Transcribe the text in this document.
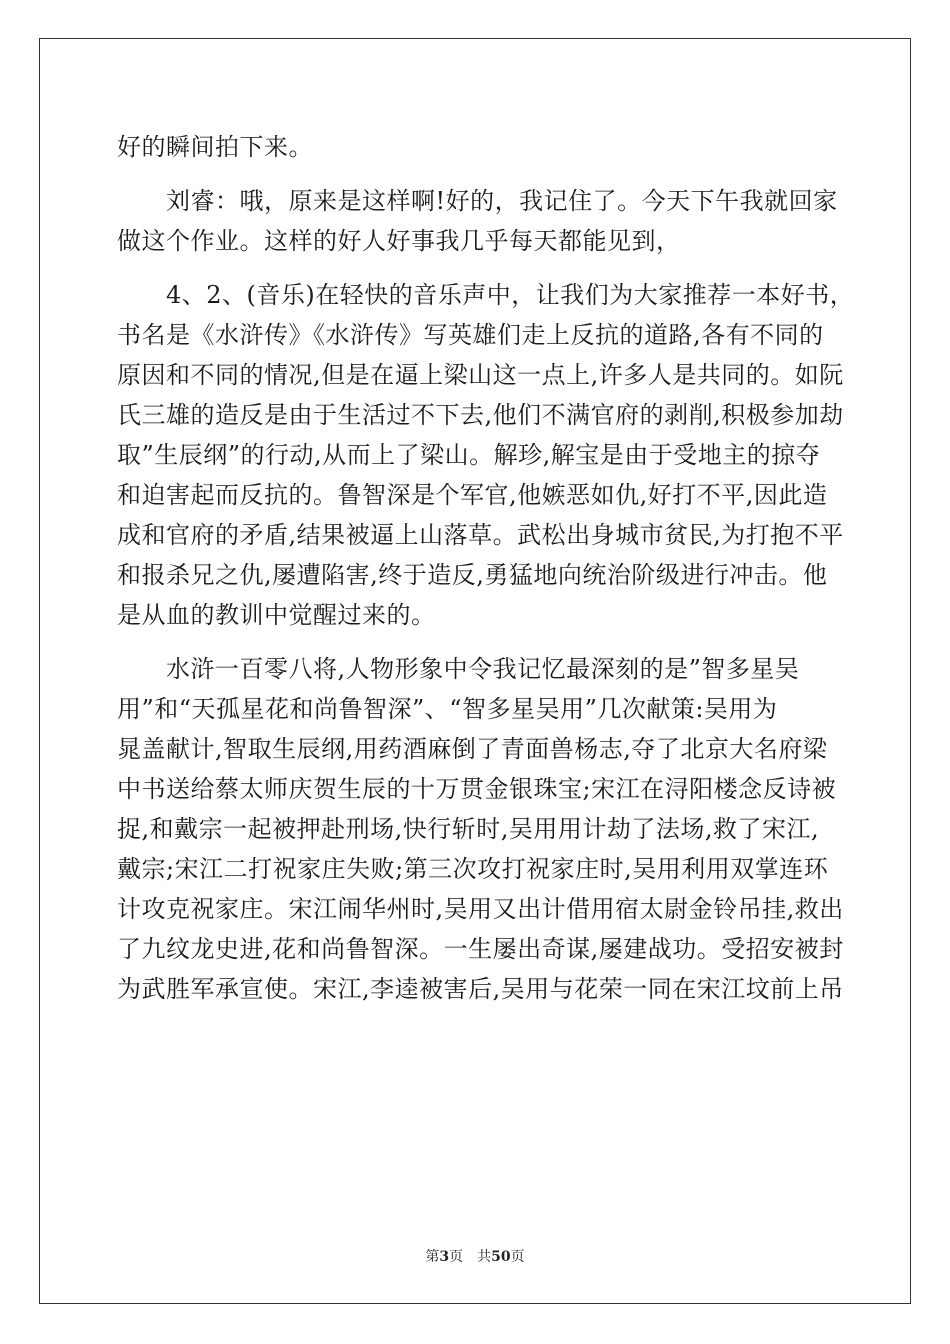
好的瞬间拍下来。
　　刘睿：哦，原来是这样啊!好的，我记住了。今天下午我就回家
做这个作业。这样的好人好事我几乎每天都能见到，
　　4、2、(音乐)在轻快的音乐声中，让我们为大家推荐一本好书，
书名是《水浒传》《水浒传》写英雄们走上反抗的道路,各有不同的
原因和不同的情况,但是在逼上梁山这一点上,许多人是共同的。如阮
氏三雄的造反是由于生活过不下去,他们不满官府的剥削,积极参加劫
取”生辰纲”的行动,从而上了梁山。解珍,解宝是由于受地主的掠夺
和迫害起而反抗的。鲁智深是个军官,他嫉恶如仇,好打不平,因此造
成和官府的矛盾,结果被逼上山落草。武松出身城市贫民,为打抱不平
和报杀兄之仇,屡遭陷害,终于造反,勇猛地向统治阶级进行冲击。他
是从血的教训中觉醒过来的。
　　水浒一百零八将,人物形象中令我记忆最深刻的是”智多星吴
用”和“天孤星花和尚鲁智深”、“智多星吴用”几次献策:吴用为
晁盖献计,智取生辰纲,用药酒麻倒了青面兽杨志,夺了北京大名府梁
中书送给蔡太师庆贺生辰的十万贯金银珠宝;宋江在浔阳楼念反诗被
捉,和戴宗一起被押赴刑场,快行斩时,吴用用计劫了法场,救了宋江,
戴宗;宋江二打祝家庄失败;第三次攻打祝家庄时,吴用利用双掌连环
计攻克祝家庄。宋江闹华州时,吴用又出计借用宿太尉金铃吊挂,救出
了九纹龙史进,花和尚鲁智深。一生屡出奇谋,屡建战功。受招安被封
为武胜军承宣使。宋江,李逵被害后,吴用与花荣一同在宋江坟前上吊
第3页 共50页
